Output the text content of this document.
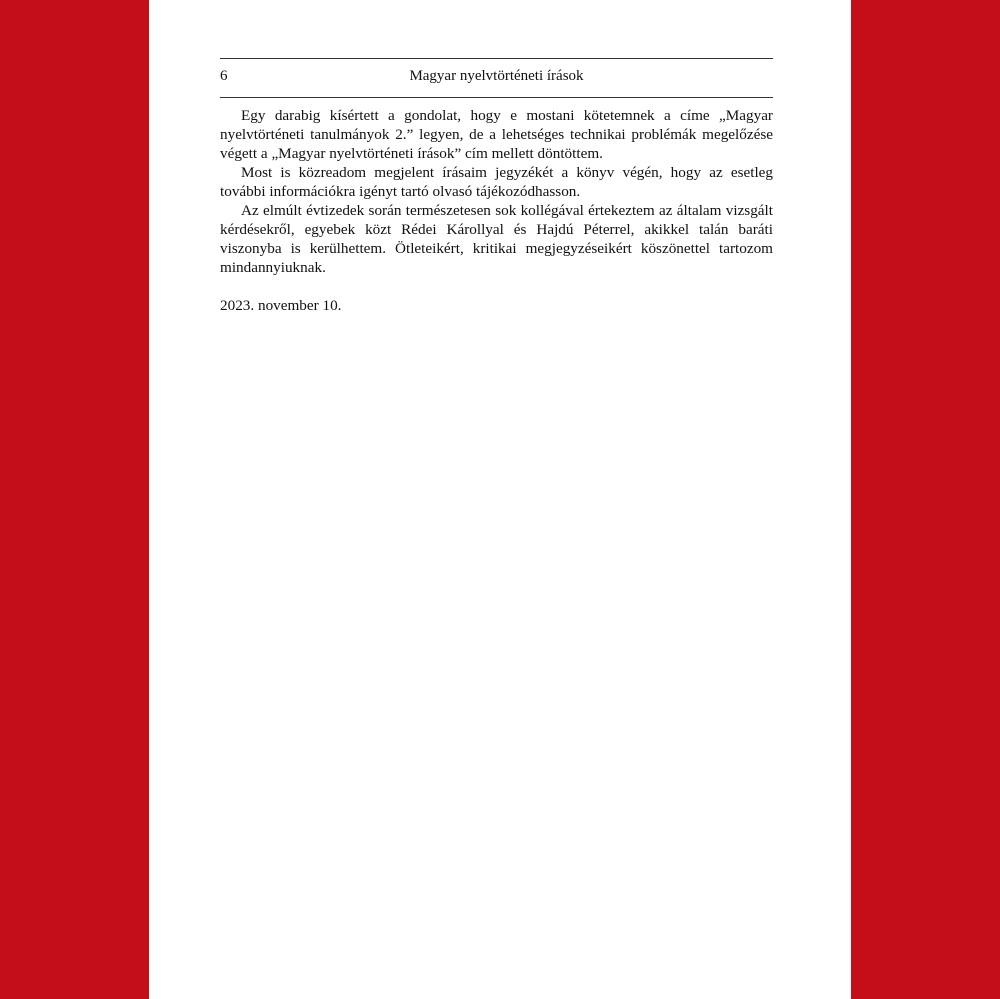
6	Magyar nyelvtörténeti írások

Egy darabig kísértett a gondolat, hogy e mostani kötetemnek a címe „Magyar nyelvtörténeti tanulmányok 2.” legyen, de a lehetséges technikai problémák megelőzése végett a „Magyar nyelvtörténeti írások” cím mellett döntöttem.

Most is közreadom megjelent írásaim jegyzékét a könyv végén, hogy az esetleg további információkra igényt tartó olvasó tájékozódhasson.

Az elmúlt évtizedek során természetesen sok kollégával értekeztem az általam vizsgált kérdésekről, egyebek közt Rédei Károllyal és Hajdú Péterrel, akikkel talán baráti viszonyba is kerülhettem. Ötleteikért, kritikai megjegyzéseikért köszönettel tartozom mindannyiuknak.

2023. november 10.
